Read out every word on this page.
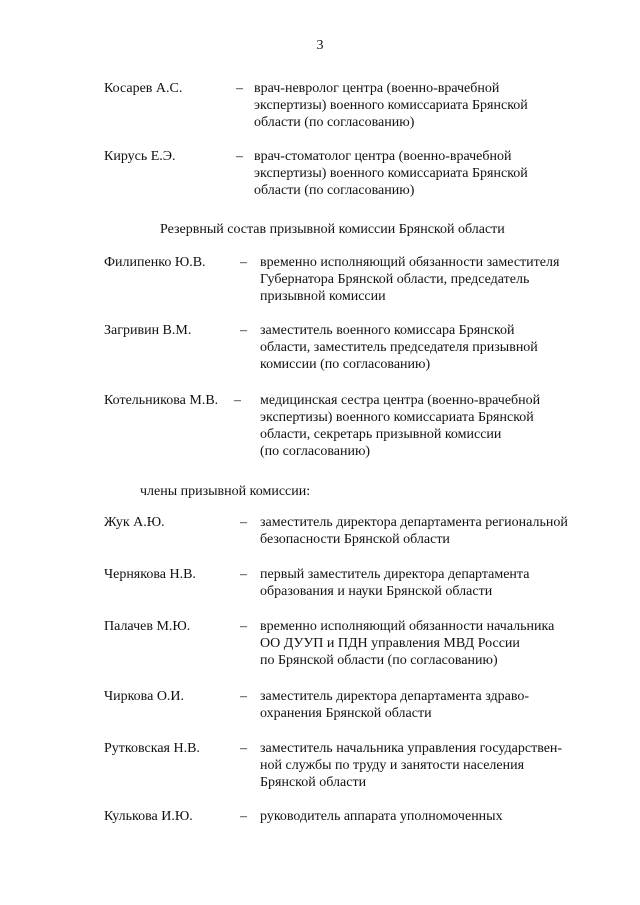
3
Косарев А.С.	– врач-невролог центра (военно-врачебной
экспертизы) военного комиссариата Брянской
области (по согласованию)
Кирусь Е.Э.	– врач-стоматолог центра (военно-врачебной
экспертизы) военного комиссариата Брянской
области (по согласованию)
Резервный состав призывной комиссии Брянской области
Филипенко Ю.В. – временно исполняющий обязанности заместителя
Губернатора Брянской области, председатель
призывной комиссии
Загривин В.М.	– заместитель военного комиссара Брянской
области, заместитель председателя призывной
комиссии (по согласованию)
Котельникова М.В. – медицинская сестра центра (военно-врачебной
экспертизы) военного комиссариата Брянской
области, секретарь призывной комиссии
(по согласованию)
члены призывной комиссии:
Жук А.Ю.	– заместитель директора департамента региональной
безопасности Брянской области
Чернякова Н.В.	– первый заместитель директора департамента
образования и науки Брянской области
Палачев М.Ю.	– временно исполняющий обязанности начальника
ОО ДУУП и ПДН управления МВД России
по Брянской области (по согласованию)
Чиркова О.И.	– заместитель директора департамента здраво-
охранения Брянской области
Рутковская Н.В.	– заместитель начальника управления государствен-
ной службы по труду и занятости населения
Брянской области
Кулькова И.Ю.	– руководитель аппарата уполномоченных
